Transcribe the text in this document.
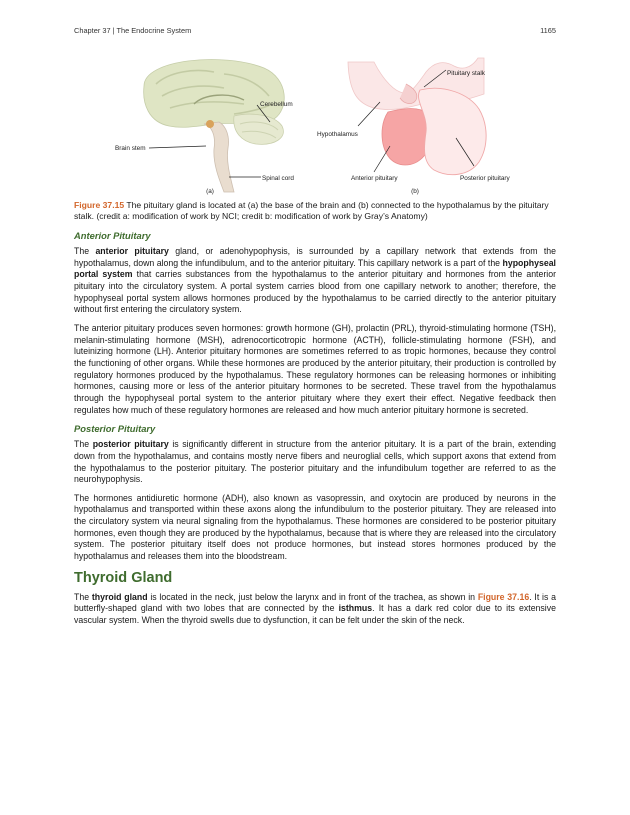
Chapter 37 | The Endocrine System	1165
Brain stem
Cerebellum
Spinal cord
(a)
Pituitary stalk
Hypothalamus
Anterior pituitary	Posterior pituitary
(b)
Figure 37.15 The pituitary gland is located at (a) the base of the brain and (b) connected to the hypothalamus by the pituitary stalk. (credit a: modification of work by NCI; credit b: modification of work by Gray’s Anatomy)
Anterior Pituitary

The anterior pituitary gland, or adenohypophysis, is surrounded by a capillary network that extends from the hypothalamus, down along the infundibulum, and to the anterior pituitary. This capillary network is a part of the hypophyseal portal system that carries substances from the hypothalamus to the anterior pituitary and hormones from the anterior pituitary into the circulatory system. A portal system carries blood from one capillary network to another; therefore, the hypophyseal portal system allows hormones produced by the hypothalamus to be carried directly to the anterior pituitary without first entering the circulatory system.

The anterior pituitary produces seven hormones: growth hormone (GH), prolactin (PRL), thyroid-stimulating hormone (TSH), melanin-stimulating hormone (MSH), adrenocorticotropic hormone (ACTH), follicle-stimulating hormone (FSH), and luteinizing hormone (LH). Anterior pituitary hormones are sometimes referred to as tropic hormones, because they control the functioning of other organs. While these hormones are produced by the anterior pituitary, their production is controlled by regulatory hormones produced by the hypothalamus. These regulatory hormones can be releasing hormones or inhibiting hormones, causing more or less of the anterior pituitary hormones to be secreted. These travel from the hypothalamus through the hypophyseal portal system to the anterior pituitary where they exert their effect. Negative feedback then regulates how much of these regulatory hormones are released and how much anterior pituitary hormone is secreted.

Posterior Pituitary

The posterior pituitary is significantly different in structure from the anterior pituitary. It is a part of the brain, extending down from the hypothalamus, and contains mostly nerve fibers and neuroglial cells, which support axons that extend from the hypothalamus to the posterior pituitary. The posterior pituitary and the infundibulum together are referred to as the neurohypophysis.

The hormones antidiuretic hormone (ADH), also known as vasopressin, and oxytocin are produced by neurons in the hypothalamus and transported within these axons along the infundibulum to the posterior pituitary. They are released into the circulatory system via neural signaling from the hypothalamus. These hormones are considered to be posterior pituitary hormones, even though they are produced by the hypothalamus, because that is where they are released into the circulatory system. The posterior pituitary itself does not produce hormones, but instead stores hormones produced by the hypothalamus and releases them into the bloodstream.

Thyroid Gland

The thyroid gland is located in the neck, just below the larynx and in front of the trachea, as shown in Figure 37.16. It is a butterfly-shaped gland with two lobes that are connected by the isthmus. It has a dark red color due to its extensive vascular system. When the thyroid swells due to dysfunction, it can be felt under the skin of the neck.
